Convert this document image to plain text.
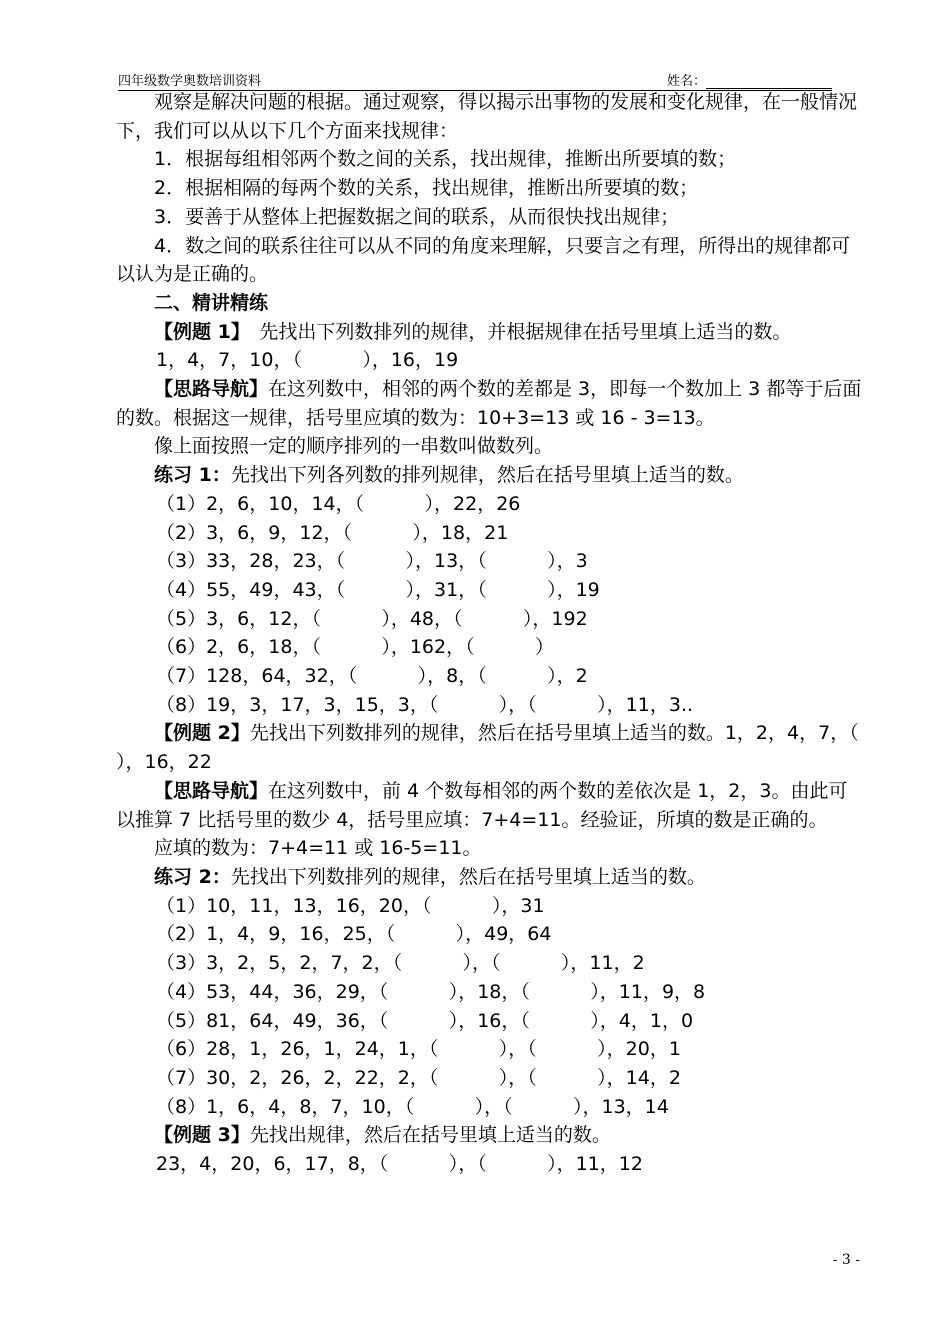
四年级数学奥数培训资料	姓名：

观察是解决问题的根据。通过观察，得以揭示出事物的发展和变化规律，在一般情况下，我们可以从以下几个方面来找规律：

1．根据每组相邻两个数之间的关系，找出规律，推断出所要填的数；

2．根据相隔的每两个数的关系，找出规律，推断出所要填的数；

3．要善于从整体上把握数据之间的联系，从而很快找出规律；

4．数之间的联系往往可以从不同的角度来理解，只要言之有理，所得出的规律都可以认为是正确的。

二、精讲精练

【例题 1】　先找出下列数排列的规律，并根据规律在括号里填上适当的数。

1，4，7，10，（          ），16，19

【思路导航】在这列数中，相邻的两个数的差都是 3，即每一个数加上 3 都等于后面的数。根据这一规律，括号里应填的数为：10+3=13 或 16 - 3=13。

像上面按照一定的顺序排列的一串数叫做数列。

练习 1：先找出下列各列数的排列规律，然后在括号里填上适当的数。

（1）2，6，10，14，（          ），22，26

（2）3，6，9，12，（          ），18，21

（3）33，28，23，（          ），13，（          ），3

（4）55，49，43，（          ），31，（          ），19

（5）3，6，12，（          ），48，（          ），192

（6）2，6，18，（          ），162，（          ）

（7）128，64，32，（          ），8，（          ），2

（8）19，3，17，3，15，3，（          ），（          ），11，3..

【例题 2】先找出下列数排列的规律，然后在括号里填上适当的数。1，2，4，7，（          ），16，22

【思路导航】在这列数中，前 4 个数每相邻的两个数的差依次是 1，2，3。由此可以推算 7 比括号里的数少 4，括号里应填：7+4=11。经验证，所填的数是正确的。

应填的数为：7+4=11 或 16-5=11。

练习 2：先找出下列数排列的规律，然后在括号里填上适当的数。

（1）10，11，13，16，20，（          ），31

（2）1，4，9，16，25，（          ），49，64

（3）3，2，5，2，7，2，（          ），（          ），11，2

（4）53，44，36，29，（          ），18，（          ），11，9，8

（5）81，64，49，36，（          ），16，（          ），4，1，0

（6）28，1，26，1，24，1，（          ），（          ），20，1

（7）30，2，26，2，22，2，（          ），（          ），14，2

（8）1，6，4，8，7，10，（          ），（          ），13，14

【例题 3】先找出规律，然后在括号里填上适当的数。

23，4，20，6，17，8，（          ），（          ），11，12

- 3 -
